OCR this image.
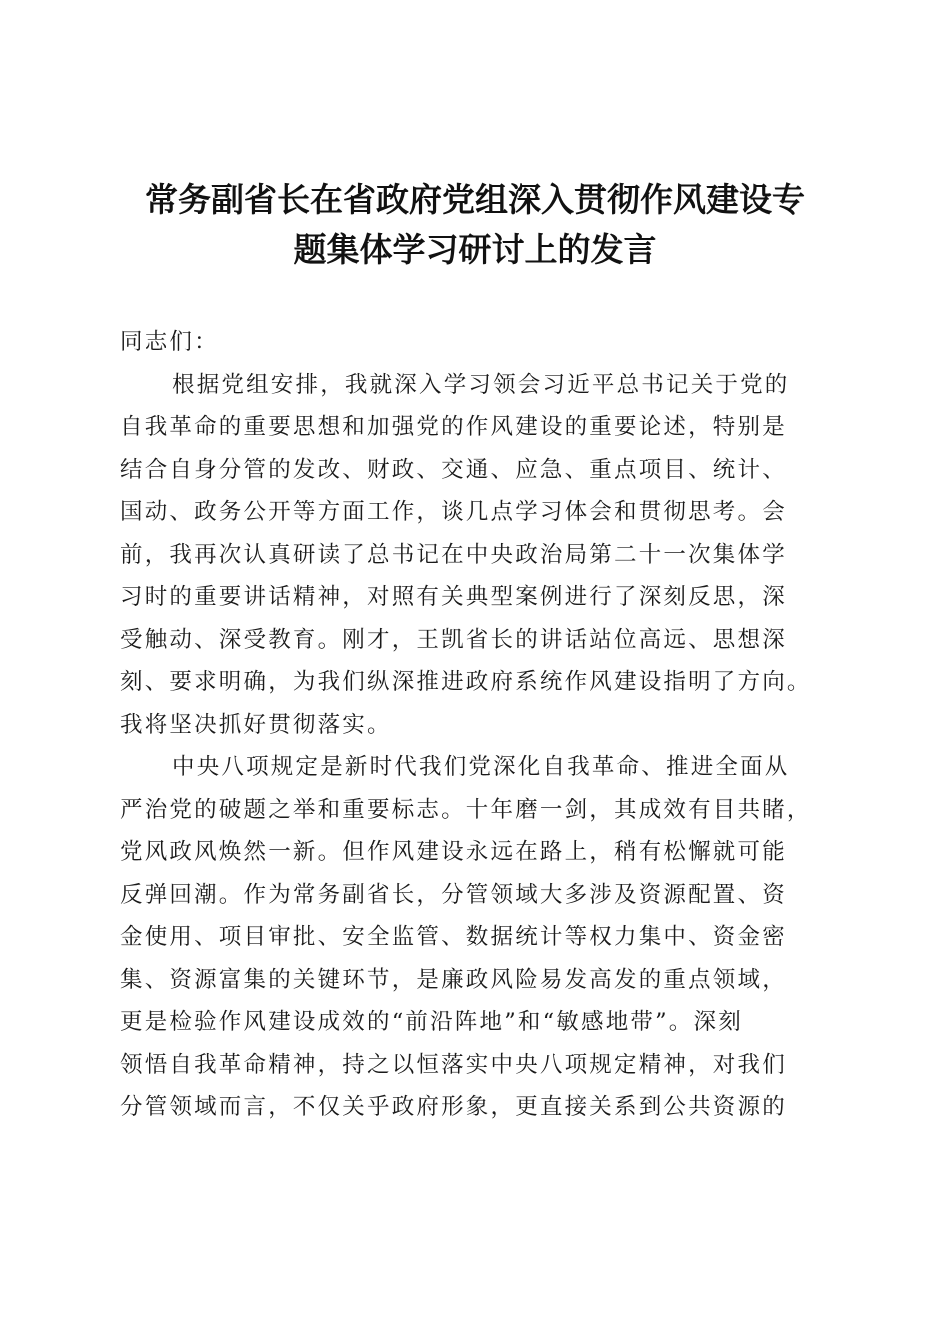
常务副省长在省政府党组深入贯彻作风建设专
题集体学习研讨上的发言
同志们：
根据党组安排，我就深入学习领会习近平总书记关于党的
自我革命的重要思想和加强党的作风建设的重要论述，特别是
结合自身分管的发改、财政、交通、应急、重点项目、统计、
国动、政务公开等方面工作，谈几点学习体会和贯彻思考。会
前，我再次认真研读了总书记在中央政治局第二十一次集体学
习时的重要讲话精神，对照有关典型案例进行了深刻反思，深
受触动、深受教育。刚才，王凯省长的讲话站位高远、思想深
刻、要求明确，为我们纵深推进政府系统作风建设指明了方向。
我将坚决抓好贯彻落实。
中央八项规定是新时代我们党深化自我革命、推进全面从
严治党的破题之举和重要标志。十年磨一剑，其成效有目共睹，
党风政风焕然一新。但作风建设永远在路上，稍有松懈就可能
反弹回潮。作为常务副省长，分管领域大多涉及资源配置、资
金使用、项目审批、安全监管、数据统计等权力集中、资金密
集、资源富集的关键环节，是廉政风险易发高发的重点领域，
更是检验作风建设成效的“前沿阵地”和“敏感地带”。深刻
领悟自我革命精神，持之以恒落实中央八项规定精神，对我们
分管领域而言，不仅关乎政府形象，更直接关系到公共资源的
